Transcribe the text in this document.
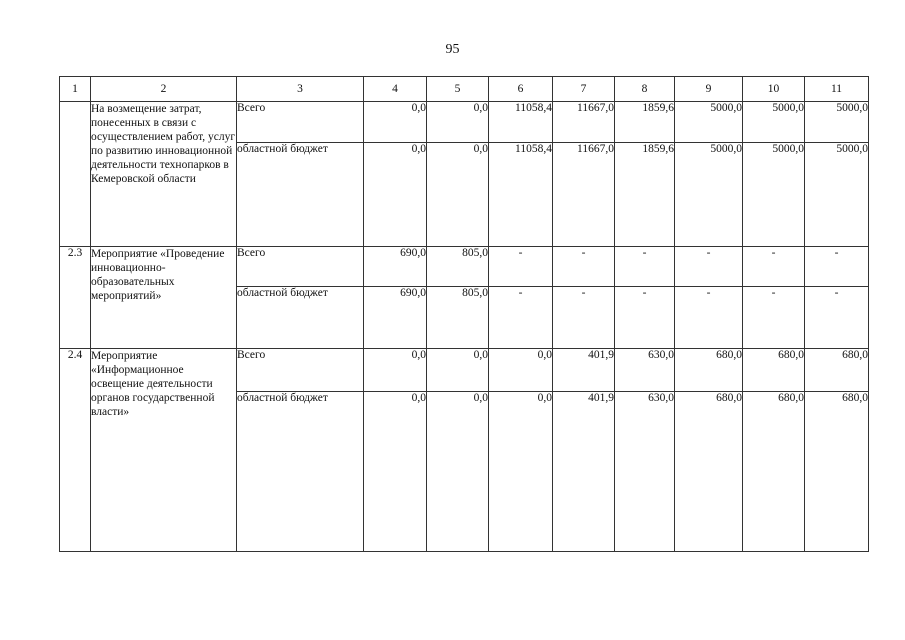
95
1	2	3	4	5	6	7	8	9	10	11
	На возмещение затрат, понесенных в связи с осуществлением работ, услуг по развитию инновационной деятельности технопарков в Кемеровской области	Всего	0,0	0,0	11058,4	11667,0	1859,6	5000,0	5000,0	5000,0
		областной бюджет	0,0	0,0	11058,4	11667,0	1859,6	5000,0	5000,0	5000,0
2.3	Мероприятие «Проведение инновационно-образовательных мероприятий»	Всего	690,0	805,0	-	-	-	-	-	-
		областной бюджет	690,0	805,0	-	-	-	-	-	-
2.4	Мероприятие «Информационное освещение деятельности органов государственной власти»	Всего	0,0	0,0	0,0	401,9	630,0	680,0	680,0	680,0
		областной бюджет	0,0	0,0	0,0	401,9	630,0	680,0	680,0	680,0
